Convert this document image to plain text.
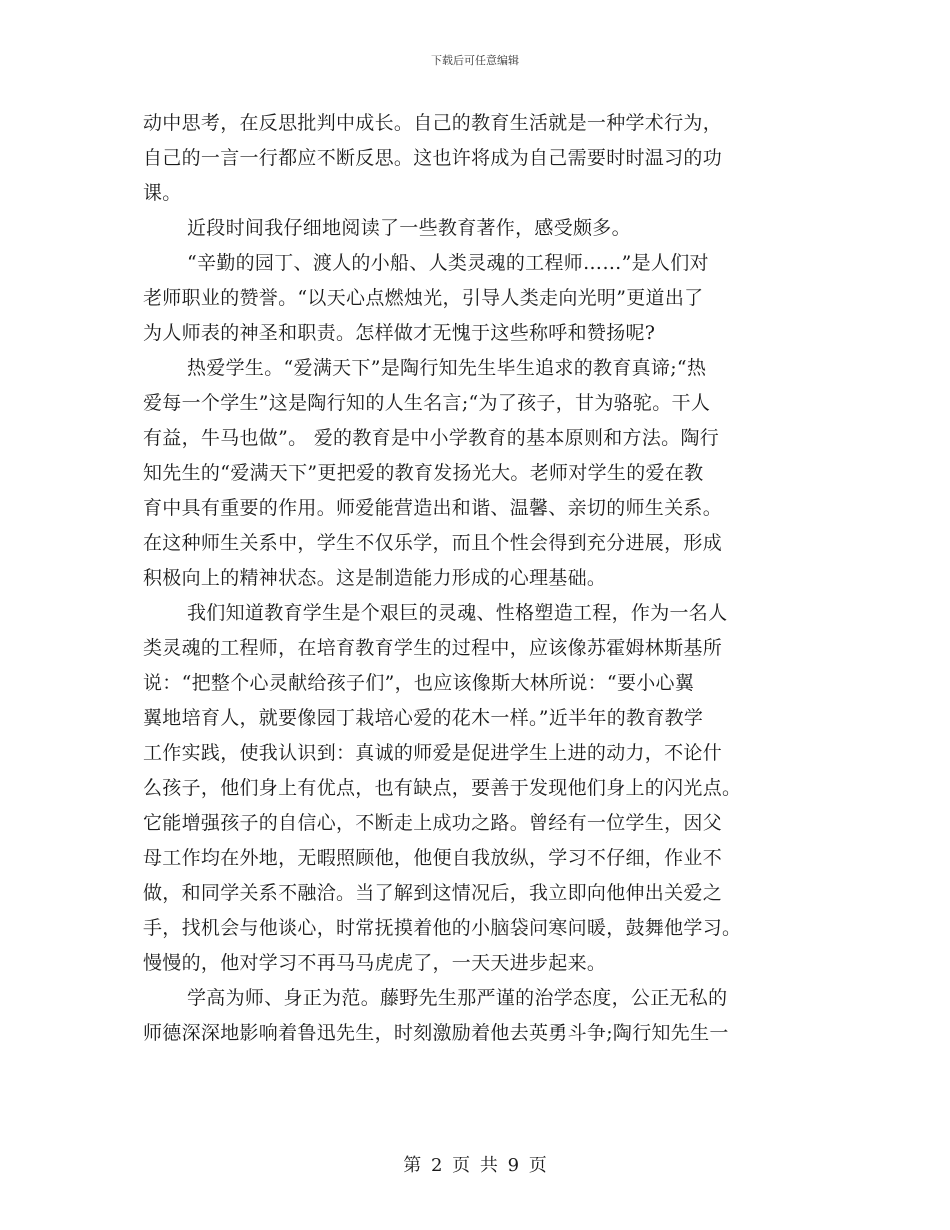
下载后可任意编辑
动中思考，在反思批判中成长。自己的教育生活就是一种学术行为，
自己的一言一行都应不断反思。这也许将成为自己需要时时温习的功
课。
近段时间我仔细地阅读了一些教育著作，感受颇多。
“辛勤的园丁、渡人的小船、人类灵魂的工程师……”是人们对
老师职业的赞誉。“以天心点燃烛光，引导人类走向光明”更道出了
为人师表的神圣和职责。怎样做才无愧于这些称呼和赞扬呢?
热爱学生。“爱满天下”是陶行知先生毕生追求的教育真谛;“热
爱每一个学生”这是陶行知的人生名言;“为了孩子，甘为骆驼。干人
有益，牛马也做”。 爱的教育是中小学教育的基本原则和方法。陶行
知先生的“爱满天下”更把爱的教育发扬光大。老师对学生的爱在教
育中具有重要的作用。师爱能营造出和谐、温馨、亲切的师生关系。
在这种师生关系中，学生不仅乐学，而且个性会得到充分进展，形成
积极向上的精神状态。这是制造能力形成的心理基础。
我们知道教育学生是个艰巨的灵魂、性格塑造工程，作为一名人
类灵魂的工程师，在培育教育学生的过程中，应该像苏霍姆林斯基所
说：“把整个心灵献给孩子们”，也应该像斯大林所说：“要小心翼
翼地培育人，就要像园丁栽培心爱的花木一样。”近半年的教育教学
工作实践，使我认识到：真诚的师爱是促进学生上进的动力，不论什
么孩子，他们身上有优点，也有缺点，要善于发现他们身上的闪光点。
它能增强孩子的自信心，不断走上成功之路。曾经有一位学生，因父
母工作均在外地，无暇照顾他，他便自我放纵，学习不仔细，作业不
做，和同学关系不融洽。当了解到这情况后，我立即向他伸出关爱之
手，找机会与他谈心，时常抚摸着他的小脑袋问寒问暖，鼓舞他学习。
慢慢的，他对学习不再马马虎虎了，一天天进步起来。
学高为师、身正为范。藤野先生那严谨的治学态度，公正无私的
师德深深地影响着鲁迅先生，时刻激励着他去英勇斗争;陶行知先生一
第 2 页 共 9 页
